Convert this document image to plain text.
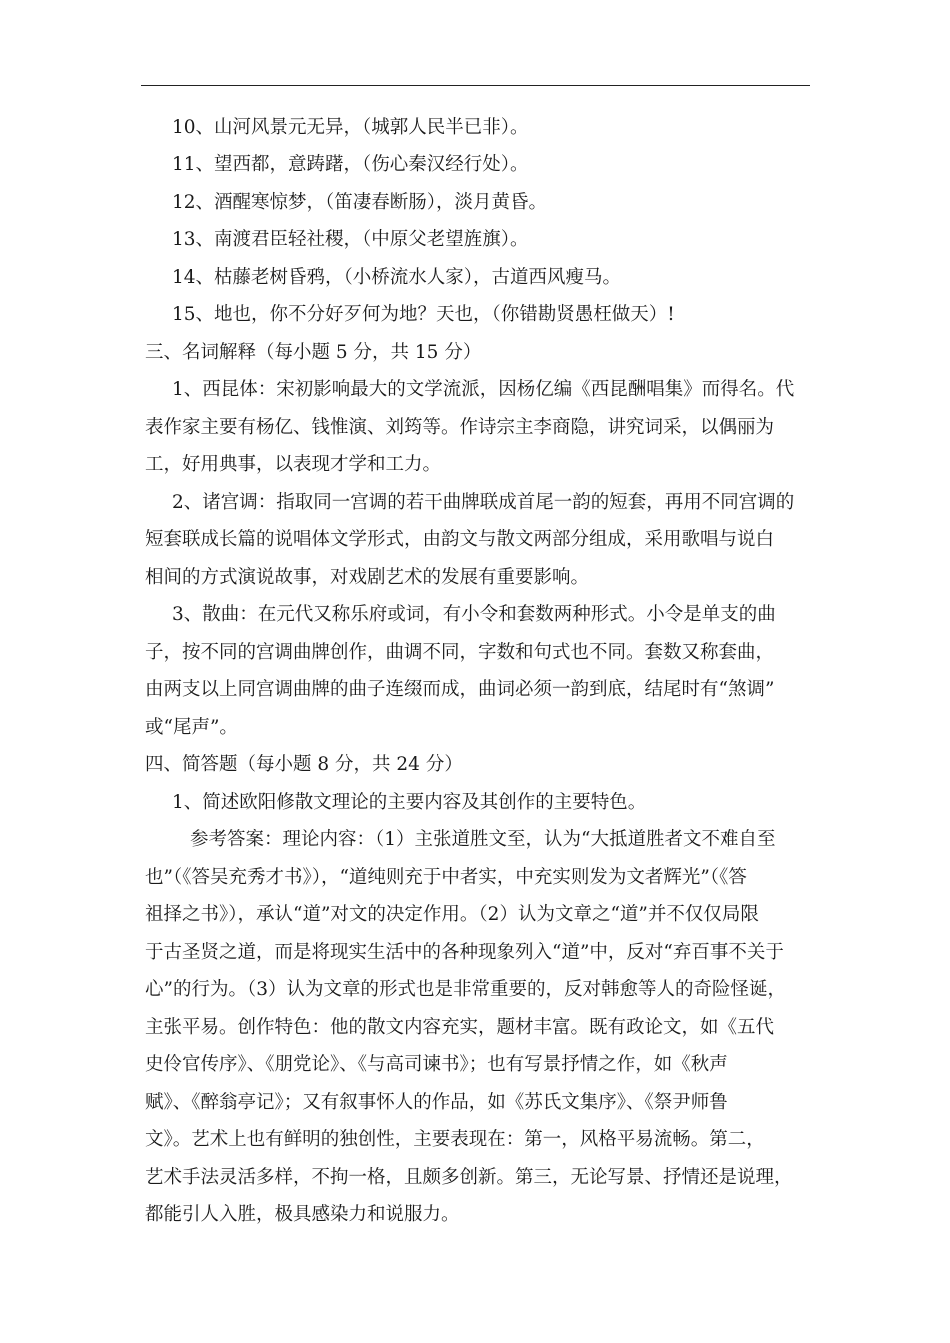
10、山河风景元无异，（城郭人民半已非）。
11、望西都，意踌躇，（伤心秦汉经行处）。
12、酒醒寒惊梦，（笛凄春断肠），淡月黄昏。
13、南渡君臣轻社稷，（中原父老望旌旗）。
14、枯藤老树昏鸦，（小桥流水人家），古道西风瘦马。
15、地也，你不分好歹何为地？天也，（你错勘贤愚枉做天）!
三、名词解释（每小题 5 分，共 15 分）
1、西昆体：宋初影响最大的文学流派，因杨亿编《西昆酬唱集》而得名。代
表作家主要有杨亿、钱惟演、刘筠等。作诗宗主李商隐，讲究词采，以偶丽为
工，好用典事，以表现才学和工力。
2、诸宫调：指取同一宫调的若干曲牌联成首尾一韵的短套，再用不同宫调的
短套联成长篇的说唱体文学形式，由韵文与散文两部分组成，采用歌唱与说白
相间的方式演说故事，对戏剧艺术的发展有重要影响。
3、散曲：在元代又称乐府或词，有小令和套数两种形式。小令是单支的曲
子，按不同的宫调曲牌创作，曲调不同，字数和句式也不同。套数又称套曲，
由两支以上同宫调曲牌的曲子连缀而成，曲词必须一韵到底，结尾时有“煞调”
或“尾声”。
四、简答题（每小题 8 分，共 24 分）
1、简述欧阳修散文理论的主要内容及其创作的主要特色。
参考答案：理论内容：（1）主张道胜文至，认为“大抵道胜者文不难自至
也”（《答吴充秀才书》），“道纯则充于中者实，中充实则发为文者辉光”（《答
祖择之书》），承认“道”对文的决定作用。（2）认为文章之“道”并不仅仅局限
于古圣贤之道，而是将现实生活中的各种现象列入“道”中，反对“弃百事不关于
心”的行为。（3）认为文章的形式也是非常重要的，反对韩愈等人的奇险怪诞，
主张平易。创作特色：他的散文内容充实，题材丰富。既有政论文，如《五代
史伶官传序》、《朋党论》、《与高司谏书》；也有写景抒情之作，如《秋声
赋》、《醉翁亭记》；又有叙事怀人的作品，如《苏氏文集序》、《祭尹师鲁
文》。艺术上也有鲜明的独创性，主要表现在：第一，风格平易流畅。第二，
艺术手法灵活多样，不拘一格，且颇多创新。第三，无论写景、抒情还是说理，
都能引人入胜，极具感染力和说服力。
